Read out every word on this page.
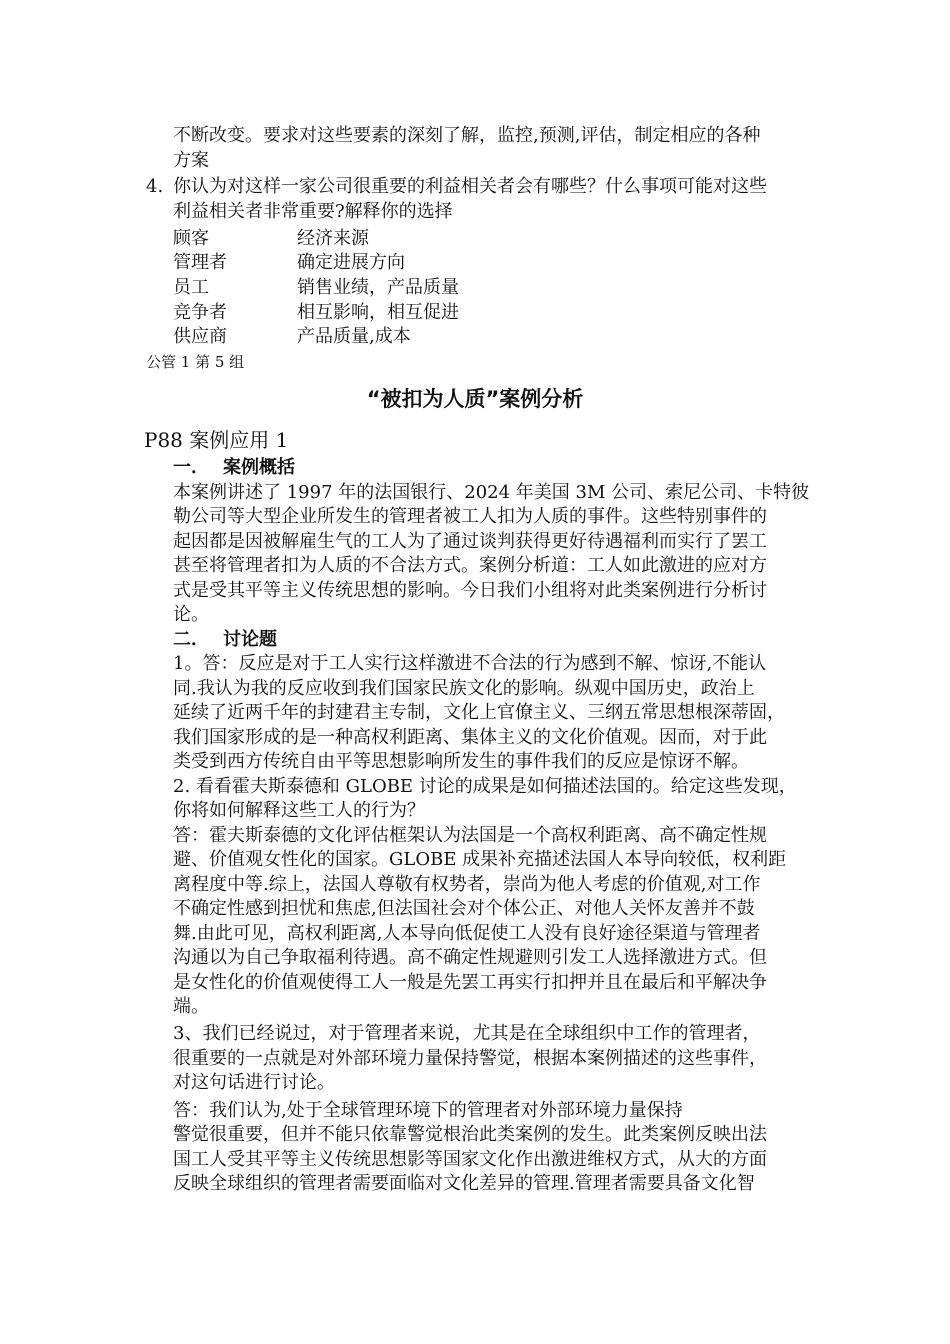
不断改变。要求对这些要素的深刻了解，监控,预测,评估，制定相应的各种
方案
4. 你认为对这样一家公司很重要的利益相关者会有哪些？什么事项可能对这些
利益相关者非常重要?解释你的选择
顾客	经济来源
管理者	确定进展方向
员工	销售业绩，产品质量
竞争者	相互影响，相互促进
供应商	产品质量,成本
公管 1 第 5 组
“被扣为人质”案例分析
P88 案例应用 1
一． 案例概括
本案例讲述了 1997 年的法国银行、2024 年美国 3M 公司、索尼公司、卡特彼
勒公司等大型企业所发生的管理者被工人扣为人质的事件。这些特别事件的
起因都是因被解雇生气的工人为了通过谈判获得更好待遇福利而实行了罢工
甚至将管理者扣为人质的不合法方式。案例分析道：工人如此激进的应对方
式是受其平等主义传统思想的影响。今日我们小组将对此类案例进行分析讨
论。
二． 讨论题
1。答：反应是对于工人实行这样激进不合法的行为感到不解、惊讶,不能认
同.我认为我的反应收到我们国家民族文化的影响。纵观中国历史，政治上
延续了近两千年的封建君主专制，文化上官僚主义、三纲五常思想根深蒂固，
我们国家形成的是一种高权利距离、集体主义的文化价值观。因而，对于此
类受到西方传统自由平等思想影响所发生的事件我们的反应是惊讶不解。
2. 看看霍夫斯泰德和 GLOBE 讨论的成果是如何描述法国的。给定这些发现，
你将如何解释这些工人的行为？
答：霍夫斯泰德的文化评估框架认为法国是一个高权利距离、高不确定性规
避、价值观女性化的国家。GLOBE 成果补充描述法国人本导向较低，权利距
离程度中等.综上，法国人尊敬有权势者，崇尚为他人考虑的价值观,对工作
不确定性感到担忧和焦虑,但法国社会对个体公正、对他人关怀友善并不鼓
舞.由此可见，高权利距离,人本导向低促使工人没有良好途径渠道与管理者
沟通以为自己争取福利待遇。高不确定性规避则引发工人选择激进方式。但
是女性化的价值观使得工人一般是先罢工再实行扣押并且在最后和平解决争
端。
3、我们已经说过，对于管理者来说，尤其是在全球组织中工作的管理者，
很重要的一点就是对外部环境力量保持警觉，根据本案例描述的这些事件，
对这句话进行讨论。
答：我们认为,处于全球管理环境下的管理者对外部环境力量保持
警觉很重要，但并不能只依靠警觉根治此类案例的发生。此类案例反映出法
国工人受其平等主义传统思想影等国家文化作出激进维权方式，从大的方面
反映全球组织的管理者需要面临对文化差异的管理.管理者需要具备文化智
